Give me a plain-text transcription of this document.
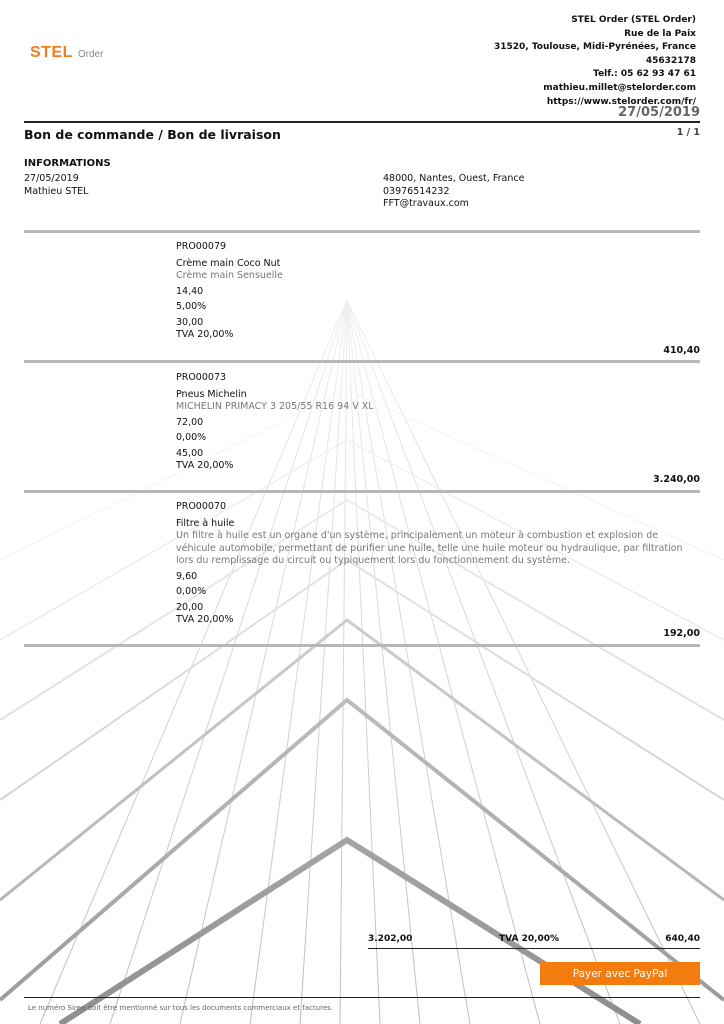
STEL Order
STEL Order (STEL Order)
Rue de la Paix
31520, Toulouse, Midi-Pyrénées, France
45632178
Telf.: 05 62 93 47 61
mathieu.millet@stelorder.com
https://www.stelorder.com/fr/
27/05/2019
Bon de commande / Bon de livraison	1 / 1
INFORMATIONS
27/05/2019
Mathieu STEL
48000, Nantes, Ouest, France
03976514232
FFT@travaux.com
PRO00079
Crème main Coco Nut
Crème main Sensuelle
14,40
5,00%
30,00
TVA 20,00%
410,40
PRO00073
Pneus Michelin
MICHELIN PRIMACY 3 205/55 R16 94 V XL
72,00
0,00%
45,00
TVA 20,00%
3.240,00
PRO00070
Filtre à huile
Un filtre à huile est un organe d'un système, principalement un moteur à combustion et explosion de véhicule automobile, permettant de purifier une huile, telle une huile moteur ou hydraulique, par filtration lors du remplissage du circuit ou typiquement lors du fonctionnement du système.
9,60
0,00%
20,00
TVA 20,00%
192,00
3.202,00	TVA 20,00%	640,40
Payer avec PayPal
Le numéro Siren doit être mentionné sur tous les documents commerciaux et factures.
